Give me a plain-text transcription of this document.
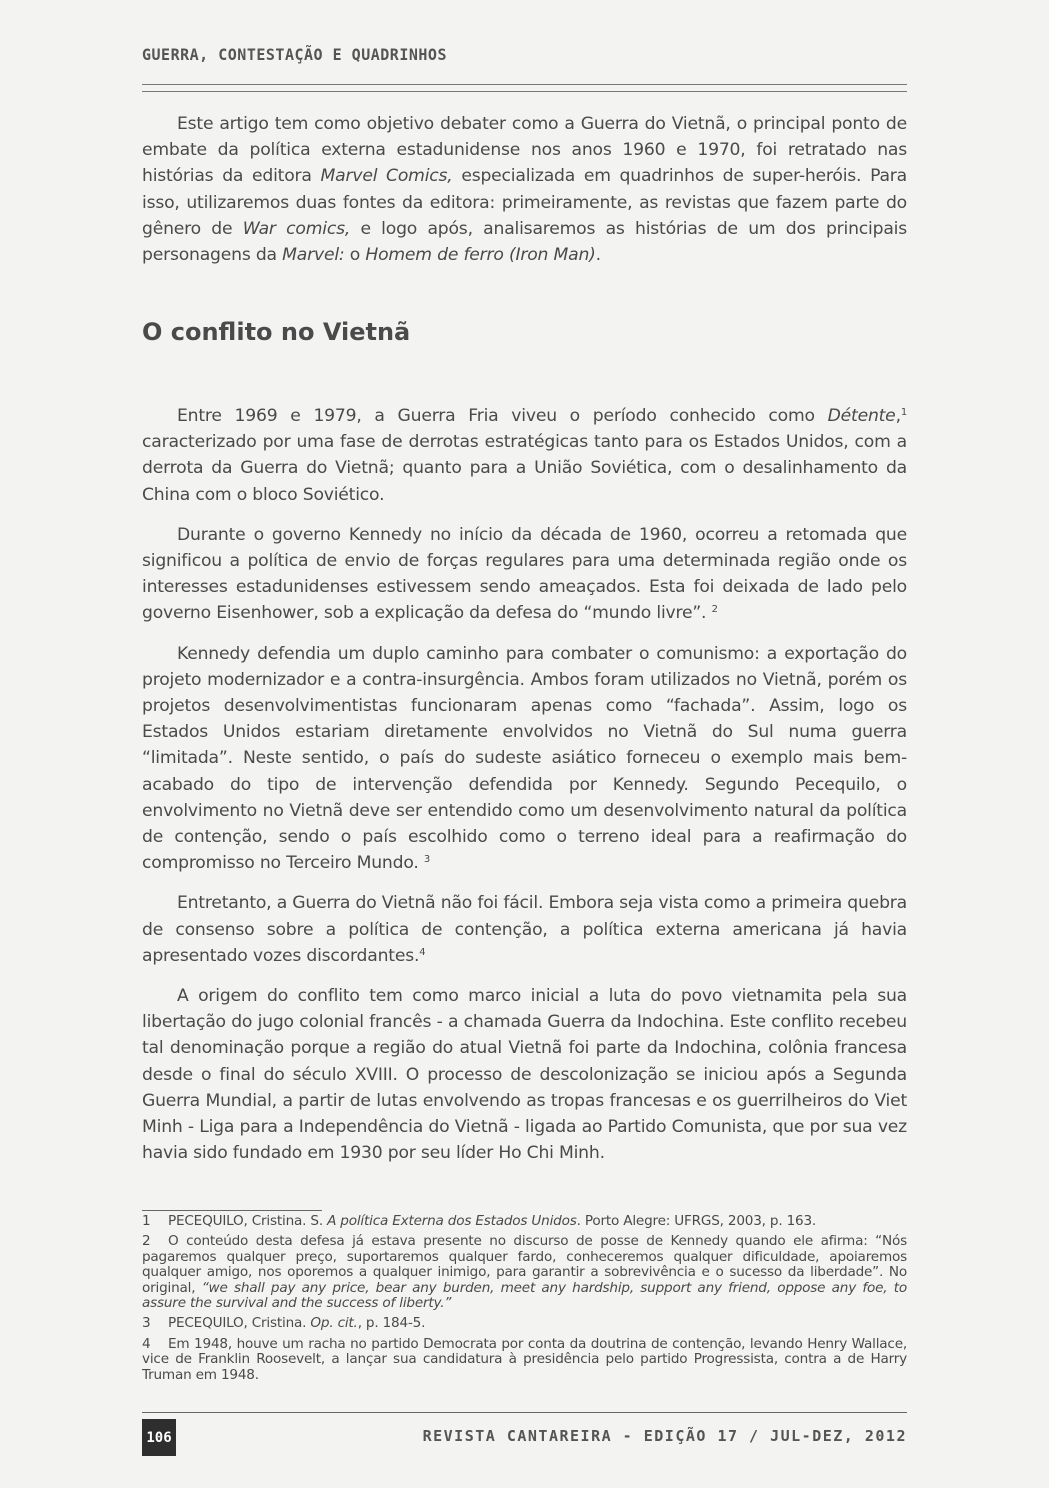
GUERRA, CONTESTAÇÃO E QUADRINHOS

Este artigo tem como objetivo debater como a Guerra do Vietnã, o principal ponto de embate da política externa estadunidense nos anos 1960 e 1970, foi retratado nas histórias da editora Marvel Comics, especializada em quadrinhos de super-heróis. Para isso, utilizaremos duas fontes da editora: primeiramente, as revistas que fazem parte do gênero de War comics, e logo após, analisaremos as histórias de um dos principais personagens da Marvel: o Homem de ferro (Iron Man).

O conflito no Vietnã

Entre 1969 e 1979, a Guerra Fria viveu o período conhecido como Détente,$^1$ caracterizado por uma fase de derrotas estratégicas tanto para os Estados Unidos, com a derrota da Guerra do Vietnã; quanto para a União Soviética, com o desalinhamento da China com o bloco Soviético.

Durante o governo Kennedy no início da década de 1960, ocorreu a retomada que significou a política de envio de forças regulares para uma determinada região onde os interesses estadunidenses estivessem sendo ameaçados. Esta foi deixada de lado pelo governo Eisenhower, sob a explicação da defesa do “mundo livre”. $^2$

Kennedy defendia um duplo caminho para combater o comunismo: a exportação do projeto modernizador e a contra-insurgência. Ambos foram utilizados no Vietnã, porém os projetos desenvolvimentistas funcionaram apenas como “fachada”. Assim, logo os Estados Unidos estariam diretamente envolvidos no Vietnã do Sul numa guerra “limitada”. Neste sentido, o país do sudeste asiático forneceu o exemplo mais bem-acabado do tipo de intervenção defendida por Kennedy. Segundo Pecequilo, o envolvimento no Vietnã deve ser entendido como um desenvolvimento natural da política de contenção, sendo o país escolhido como o terreno ideal para a reafirmação do compromisso no Terceiro Mundo. $^3$

Entretanto, a Guerra do Vietnã não foi fácil. Embora seja vista como a primeira quebra de consenso sobre a política de contenção, a política externa americana já havia apresentado vozes discordantes.$^4$

A origem do conflito tem como marco inicial a luta do povo vietnamita pela sua libertação do jugo colonial francês - a chamada Guerra da Indochina. Este conflito recebeu tal denominação porque a região do atual Vietnã foi parte da Indochina, colônia francesa desde o final do século XVIII. O processo de descolonização se iniciou após a Segunda Guerra Mundial, a partir de lutas envolvendo as tropas francesas e os guerrilheiros do Viet Minh - Liga para a Independência do Vietnã - ligada ao Partido Comunista, que por sua vez havia sido fundado em 1930 por seu líder Ho Chi Minh.

1 PECEQUILO, Cristina. S. A política Externa dos Estados Unidos. Porto Alegre: UFRGS, 2003, p. 163.

2 O conteúdo desta defesa já estava presente no discurso de posse de Kennedy quando ele afirma: “Nós pagaremos qualquer preço, suportaremos qualquer fardo, conheceremos qualquer dificuldade, apoiaremos qualquer amigo, nos oporemos a qualquer inimigo, para garantir a sobrevivência e o sucesso da liberdade”. No original, “we shall pay any price, bear any burden, meet any hardship, support any friend, oppose any foe, to assure the survival and the success of liberty.”

3 PECEQUILO, Cristina. Op. cit., p. 184-5.

4 Em 1948, houve um racha no partido Democrata por conta da doutrina de contenção, levando Henry Wallace, vice de Franklin Roosevelt, a lançar sua candidatura à presidência pelo partido Progressista, contra a de Harry Truman em 1948.

106	REVISTA CANTAREIRA - EDIÇÃO 17 / JUL-DEZ, 2012
